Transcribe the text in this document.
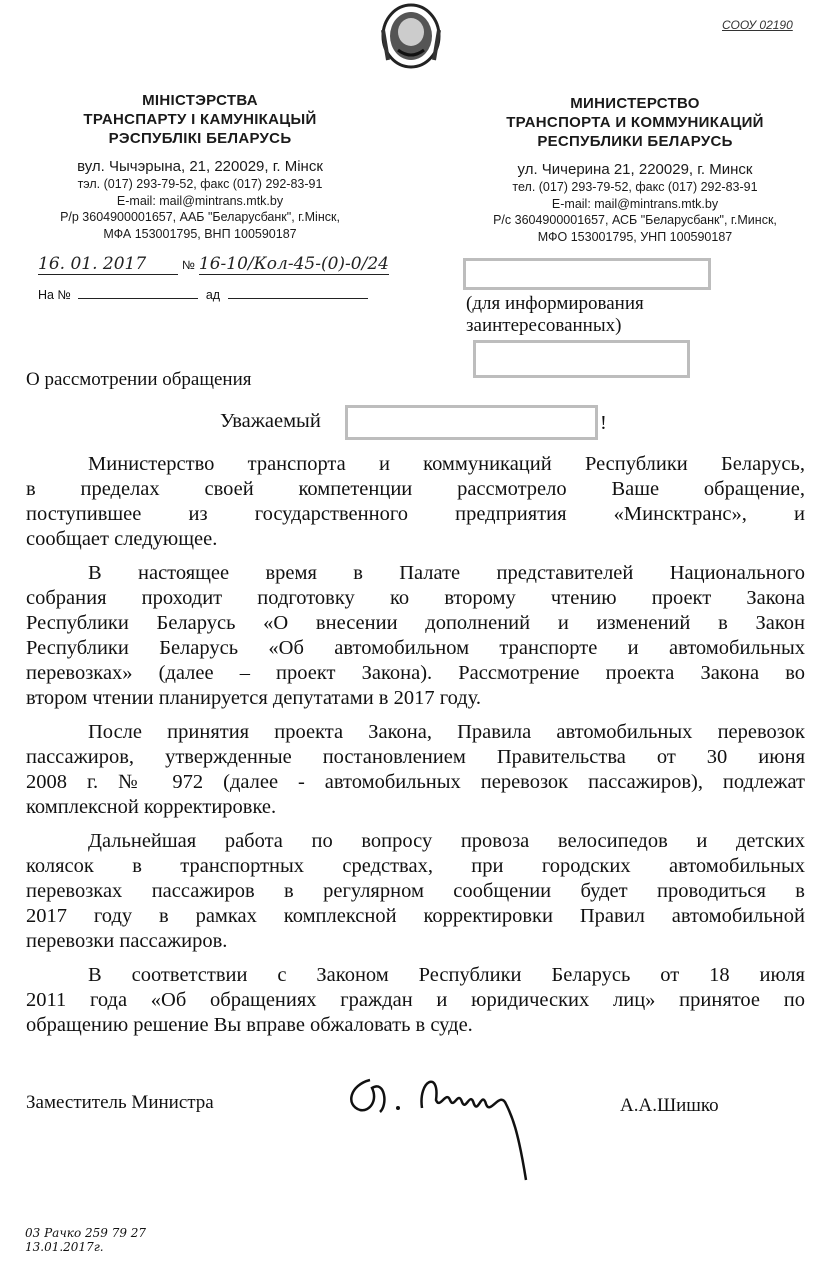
СООУ 02190
МІНІСТЭРСТВА
ТРАНСПАРТУ І КАМУНІКАЦЫЙ
РЭСПУБЛІКІ БЕЛАРУСЬ
вул. Чычэрына, 21, 220029, г. Мінск
тэл. (017) 293-79-52, факс (017) 292-83-91
E-mail: mail@mintrans.mtk.by
Р/р 3604900001657, ААБ "Беларусбанк", г.Мінск,
МФА 153001795, ВНП 100590187
МИНИСТЕРСТВО
ТРАНСПОРТА И КОММУНИКАЦИЙ
РЕСПУБЛИКИ БЕЛАРУСЬ
ул. Чичерина 21, 220029, г. Минск
тел. (017) 293-79-52, факс (017) 292-83-91
E-mail: mail@mintrans.mtk.by
Р/с 3604900001657, АСБ "Беларусбанк", г.Минск,
МФО 153001795, УНП 100590187
16. 01. 2017	№ 16-10/Кол-45-(0)-0/24
На №	ад	(для информирования
заинтересованных)
О рассмотрении обращения
Уважаемый	!
Министерство транспорта и коммуникаций Республики Беларусь,
в пределах своей компетенции рассмотрело Ваше обращение,
поступившее из государственного предприятия «Минсктранс», и
сообщает следующее.
В настоящее время в Палате представителей Национального
собрания проходит подготовку ко второму чтению проект Закона
Республики Беларусь «О внесении дополнений и изменений в Закон
Республики Беларусь «Об автомобильном транспорте и автомобильных
перевозках» (далее – проект Закона). Рассмотрение проекта Закона во
втором чтении планируется депутатами в 2017 году.
После принятия проекта Закона, Правила автомобильных перевозок
пассажиров, утвержденные постановлением Правительства от 30 июня
2008 г. № 972 (далее - автомобильных перевозок пассажиров), подлежат
комплексной корректировке.
Дальнейшая работа по вопросу провоза велосипедов и детских
колясок в транспортных средствах, при городских автомобильных
перевозках пассажиров в регулярном сообщении будет проводиться в
2017 году в рамках комплексной корректировки Правил автомобильной
перевозки пассажиров.
В соответствии с Законом Республики Беларусь от 18 июля
2011 года «Об обращениях граждан и юридических лиц» принятое по
обращению решение Вы вправе обжаловать в суде.
Заместитель Министра	А.А.Шишко
03 Рачко 259 79 27
13.01.2017г.
